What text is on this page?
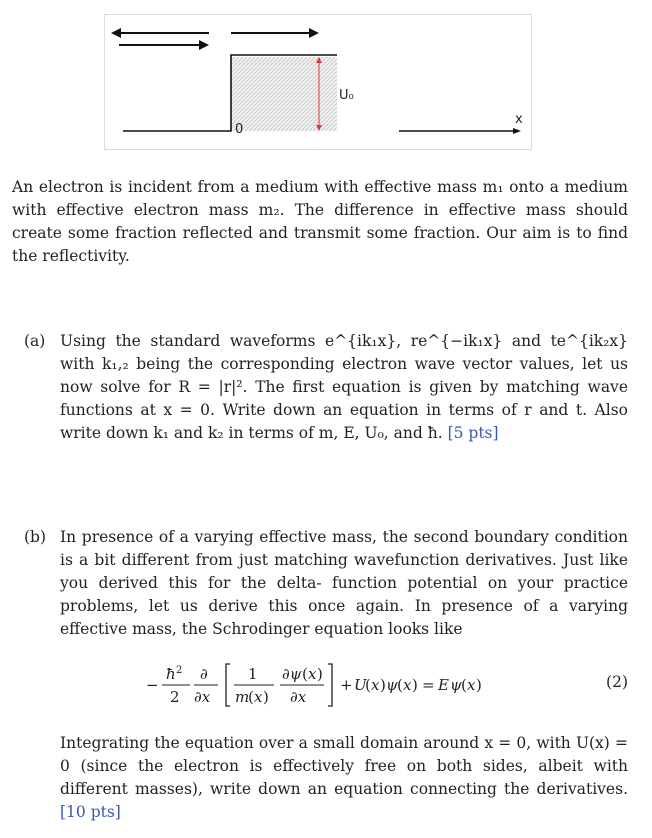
U₀
0
x
An electron is incident from a medium with effective mass m₁ onto a medium with effective electron mass m₂. The difference in effective mass should create some fraction reflected and transmit some fraction. Our aim is to find the reflectivity.
(a) Using the standard waveforms e^{ik₁x}, re^{−ik₁x} and te^{ik₂x} with k₁,₂ being the corresponding electron wave vector values, let us now solve for R = |r|². The first equation is given by matching wave functions at x = 0. Write down an equation in terms of r and t. Also write down k₁ and k₂ in terms of m, E, U₀, and ħ. [5 pts]
(b) In presence of a varying effective mass, the second boundary condition is a bit different from just matching wavefunction derivatives. Just like you derived this for the delta- function potential on your practice problems, let us derive this once again. In presence of a varying effective mass, the Schrodinger equation looks like
−
ħ 2
2
∂
∂x
1
m
( x )
∂ψ ( x )
∂x
+ U
( x ) ψ ( x ) = E ψ ( x )	(2)
Integrating the equation over a small domain around x = 0, with U(x) = 0 (since the electron is effectively free on both sides, albeit with different masses), write down an equation connecting the derivatives. [10 pts]
